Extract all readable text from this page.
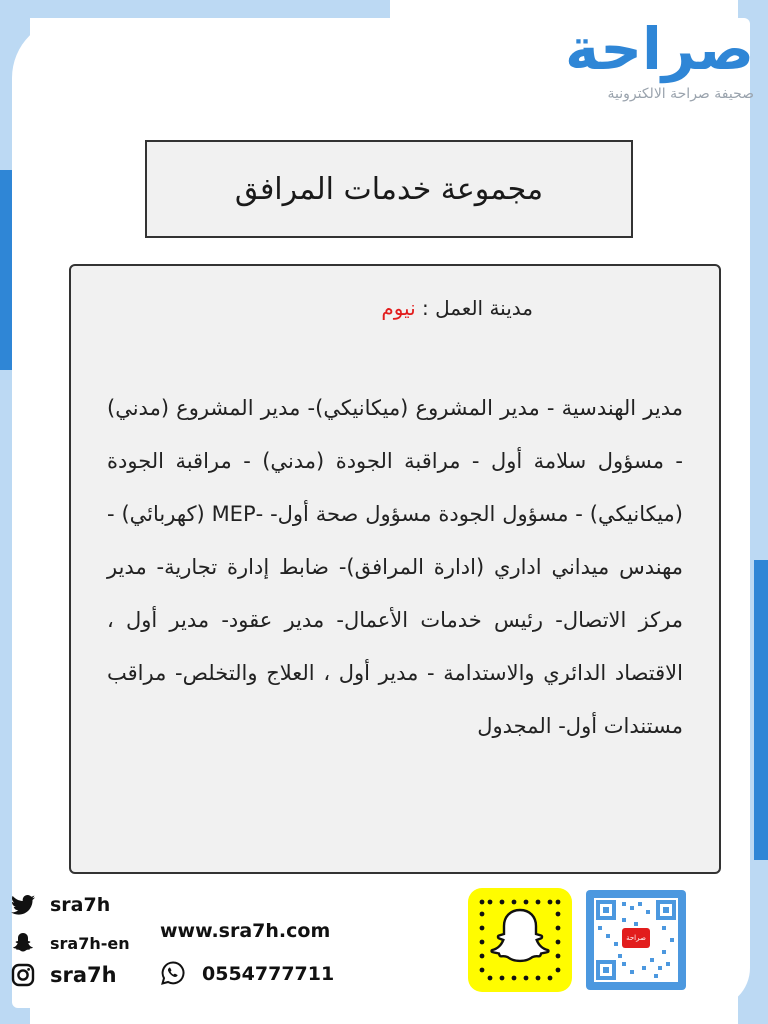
صراحة
صحيفة صراحة الالكترونية
مجموعة خدمات المرافق
مدينة العمل : نيوم
مدير الهندسية - مدير المشروع (ميكانيكي)- مدير المشروع (مدني) - مسؤول سلامة أول - مراقبة الجودة (مدني) - مراقبة الجودة (ميكانيكي) - مسؤول الجودة مسؤول صحة أول- -MEP (كهربائي) - مهندس ميداني اداري (ادارة المرافق)- ضابط إدارة تجارية- مدير مركز الاتصال- رئيس خدمات الأعمال- مدير عقود- مدير أول ، الاقتصاد الدائري والاستدامة - مدير أول ، العلاج والتخلص- مراقب مستندات أول- المجدول
sra7h
sra7h-en
sra7h
www.sra7h.com
0554777711
صراحة
